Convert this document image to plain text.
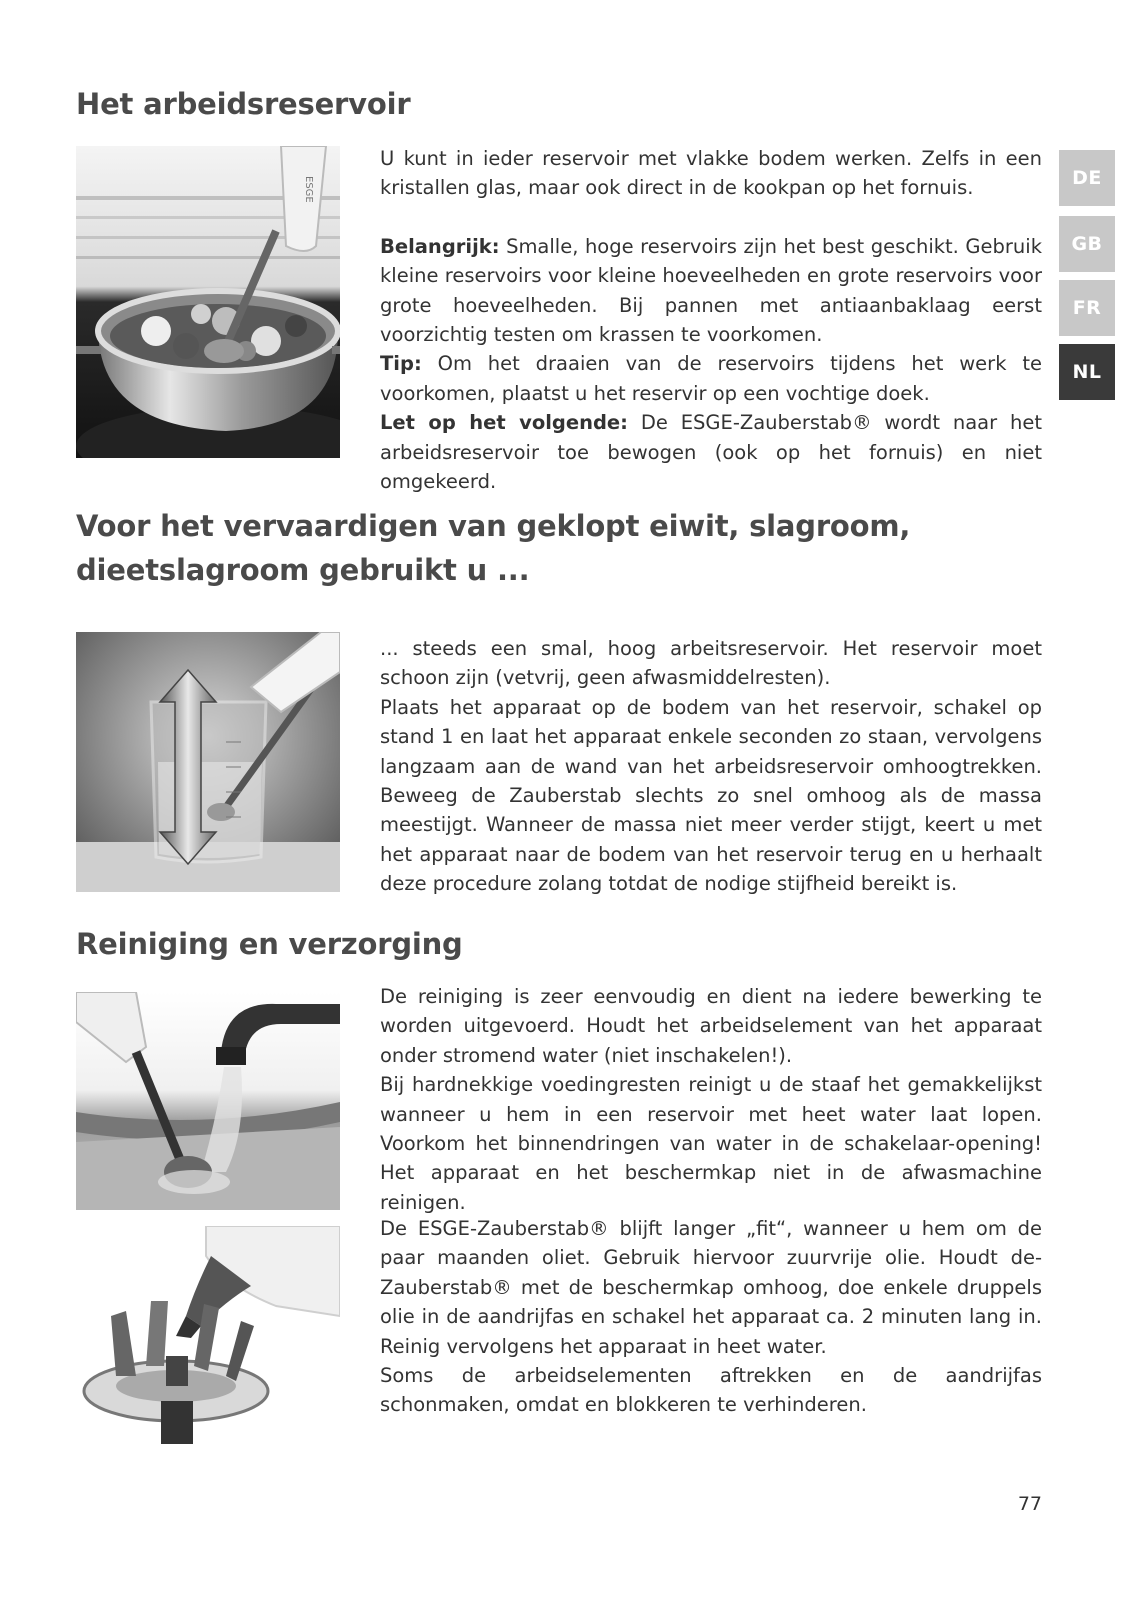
DE
GB
FR
NL
Het arbeidsreservoir
ESGE

U kunt in ieder reservoir met vlakke bodem werken. Zelfs in een kristallen glas, maar ook direct in de kookpan op het fornuis.

Belangrijk: Smalle, hoge reservoirs zijn het best geschikt. Gebruik kleine reservoirs voor kleine hoeveelheden en grote reservoirs voor grote hoeveelheden. Bij pannen met antiaanbaklaag eerst voorzichtig testen om krassen te voorkomen.

Tip: Om het draaien van de reservoirs tijdens het werk te voorkomen, plaatst u het reservir op een vochtige doek.

Let op het volgende: De ESGE-Zauberstab® wordt naar het arbeidsreservoir toe bewogen (ook op het fornuis) en niet omgekeerd.

Voor het vervaardigen van geklopt eiwit, slagroom,
dieetslagroom gebruikt u ...

... steeds een smal, hoog arbeitsreservoir. Het reservoir moet schoon zijn (vetvrij, geen afwasmiddelresten).

Plaats het apparaat op de bodem van het reservoir, schakel op stand 1 en laat het apparaat enkele seconden zo staan, vervolgens langzaam aan de wand van het arbeidsreservoir omhoogtrekken. Beweeg de Zauberstab slechts zo snel omhoog als de massa meestijgt. Wanneer de massa niet meer verder stijgt, keert u met het apparaat naar de bodem van het reservoir terug en u herhaalt deze procedure zolang totdat de nodige stijfheid bereikt is.

Reiniging en verzorging

De reiniging is zeer eenvoudig en dient na iedere bewerking te worden uitgevoerd. Houdt het arbeidselement van het apparaat onder stromend water (niet inschakelen!).

Bij hardnekkige voedingresten reinigt u de staaf het gemakkelijkst wanneer u hem in een reservoir met heet water laat lopen. Voorkom het binnendringen van water in de schakelaar-opening! Het apparaat en het beschermkap niet in de afwasmachine reinigen.

De ESGE-Zauberstab® blijft langer „fit“, wanneer u hem om de paar maanden oliet. Gebruik hiervoor zuurvrije olie. Houdt de-Zauberstab® met de beschermkap omhoog, doe enkele druppels olie in de aandrijfas en schakel het apparaat ca. 2 minuten lang in. Reinig vervolgens het apparaat in heet water.

Soms de arbeidselementen aftrekken en de aandrijfas schonmaken, omdat en blokkeren te verhinderen.

77
